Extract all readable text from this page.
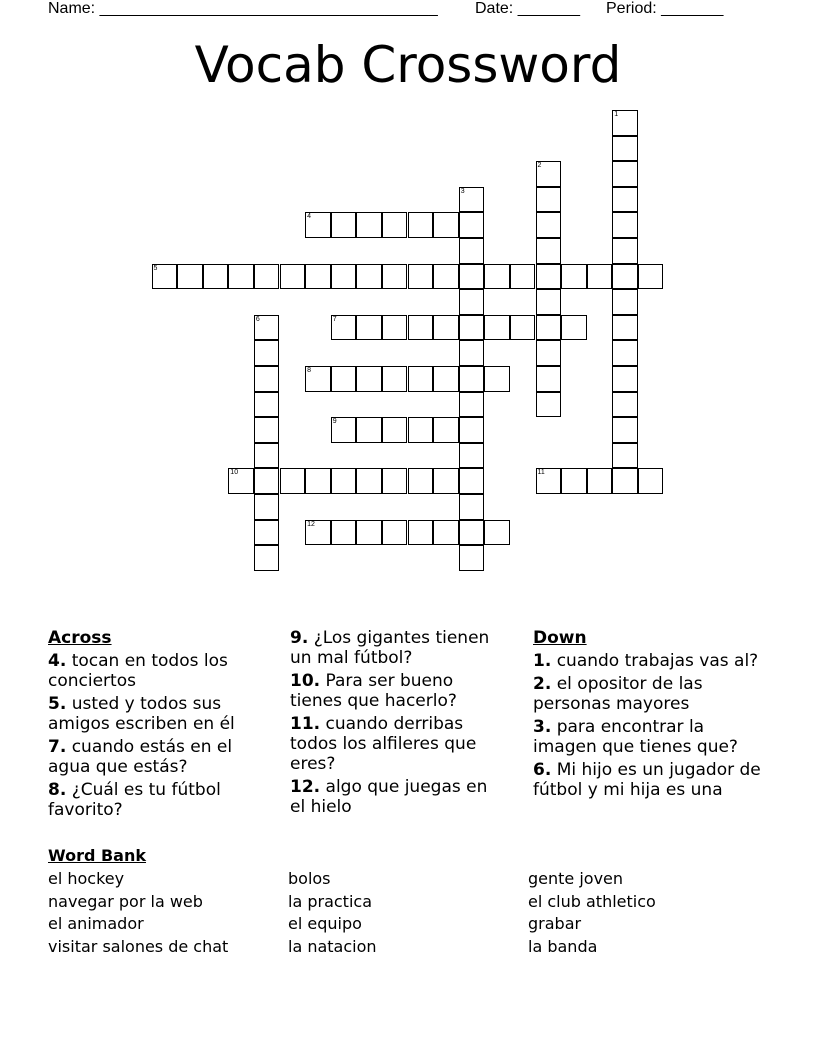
Name: ______________________________________ Date: _______ Period: _______
Vocab Crossword
1
2
3
4
5
6	7
8
9
10	11
12
Across
4. tocan en todos los conciertos
5. usted y todos sus amigos escriben en él
7. cuando estás en el agua que estás?
8. ¿Cuál es tu fútbol favorito?
9. ¿Los gigantes tienen un mal fútbol?
10. Para ser bueno tienes que hacerlo?
11. cuando derribas todos los alfileres que eres?
12. algo que juegas en el hielo
Down
1. cuando trabajas vas al?
2. el opositor de las personas mayores
3. para encontrar la imagen que tienes que?
6. Mi hijo es un jugador de fútbol y mi hija es una
Word Bank
el hockey
navegar por la web
el animador
visitar salones de chat
bolos
la practica
el equipo
la natacion
gente joven
el club athletico
grabar
la banda
